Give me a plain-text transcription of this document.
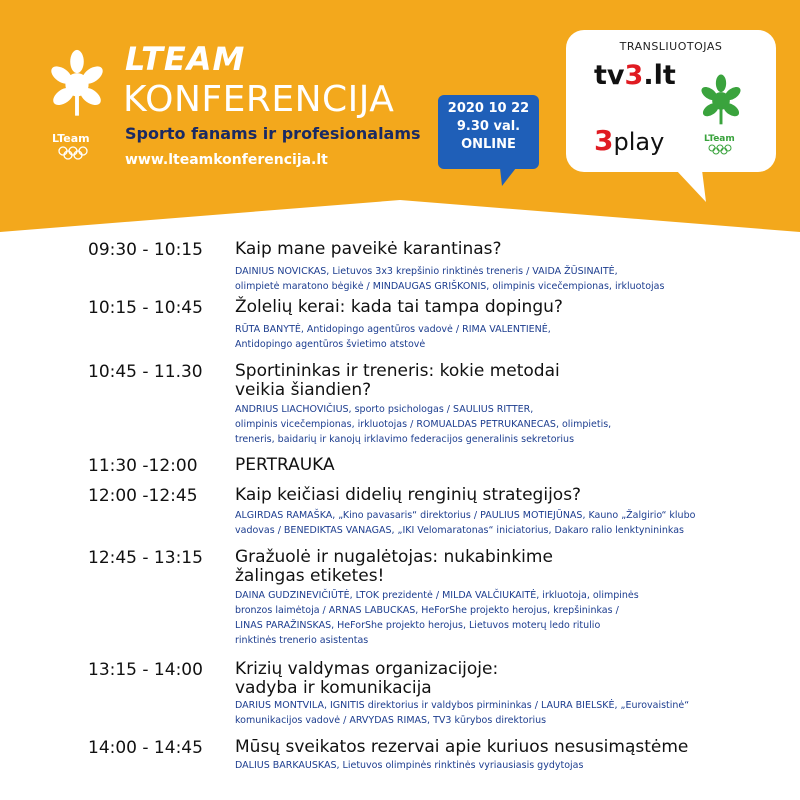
LTeam
LTEAM
KONFERENCIJA
Sporto fanams ir profesionalams
www.lteamkonferencija.lt
2020 10 22
9.30 val.
ONLINE
TRANSLIUOTOJAS
tv3.lt
3play	LTeam
09:30 - 10:15 Kaip mane paveikė karantinas?
DAINIUS NOVICKAS, Lietuvos 3x3 krepšinio rinktinės treneris / VAIDA ŽŪSINAITĖ,
olimpietė maratono bėgikė / MINDAUGAS GRIŠKONIS, olimpinis vicečempionas, irkluotojas
10:15 - 10:45 Žolelių kerai: kada tai tampa dopingu?
RŪTA BANYTĖ, Antidopingo agentūros vadovė / RIMA VALENTIENĖ,
Antidopingo agentūros švietimo atstovė
10:45 - 11.30 Sportininkas ir treneris: kokie metodai veikia šiandien?
ANDRIUS LIACHOVIČIUS, sporto psichologas / SAULIUS RITTER,
olimpinis vicečempionas, irkluotojas / ROMUALDAS PETRUKANECAS, olimpietis,
treneris, baidarių ir kanojų irklavimo federacijos generalinis sekretorius
11:30 -12:00 PERTRAUKA
12:00 -12:45 Kaip keičiasi didelių renginių strategijos?
ALGIRDAS RAMAŠKA, „Kino pavasaris“ direktorius / PAULIUS MOTIEJŪNAS, Kauno „Žalgirio“ klubo
vadovas / BENEDIKTAS VANAGAS, „IKI Velomaratonas“ iniciatorius, Dakaro ralio lenktynininkas
12:45 - 13:15 Gražuolė ir nugalėtojas: nukabinkime žalingas etiketes!
DAINA GUDZINEVIČIŪTĖ, LTOK prezidentė / MILDA VALČIUKAITĖ, irkluotoja, olimpinės
bronzos laimėtoja / ARNAS LABUCKAS, HeForShe projekto herojus, krepšininkas /
LINAS PARAŽINSKAS, HeForShe projekto herojus, Lietuvos moterų ledo ritulio
rinktinės trenerio asistentas
13:15 - 14:00 Krizių valdymas organizacijoje: vadyba ir komunikacija
DARIUS MONTVILA, IGNITIS direktorius ir valdybos pirmininkas / LAURA BIELSKĖ, „Eurovaistinė“
komunikacijos vadovė / ARVYDAS RIMAS, TV3 kūrybos direktorius
14:00 - 14:45 Mūsų sveikatos rezervai apie kuriuos nesusimąstėme
DALIUS BARKAUSKAS, Lietuvos olimpinės rinktinės vyriausiasis gydytojas
